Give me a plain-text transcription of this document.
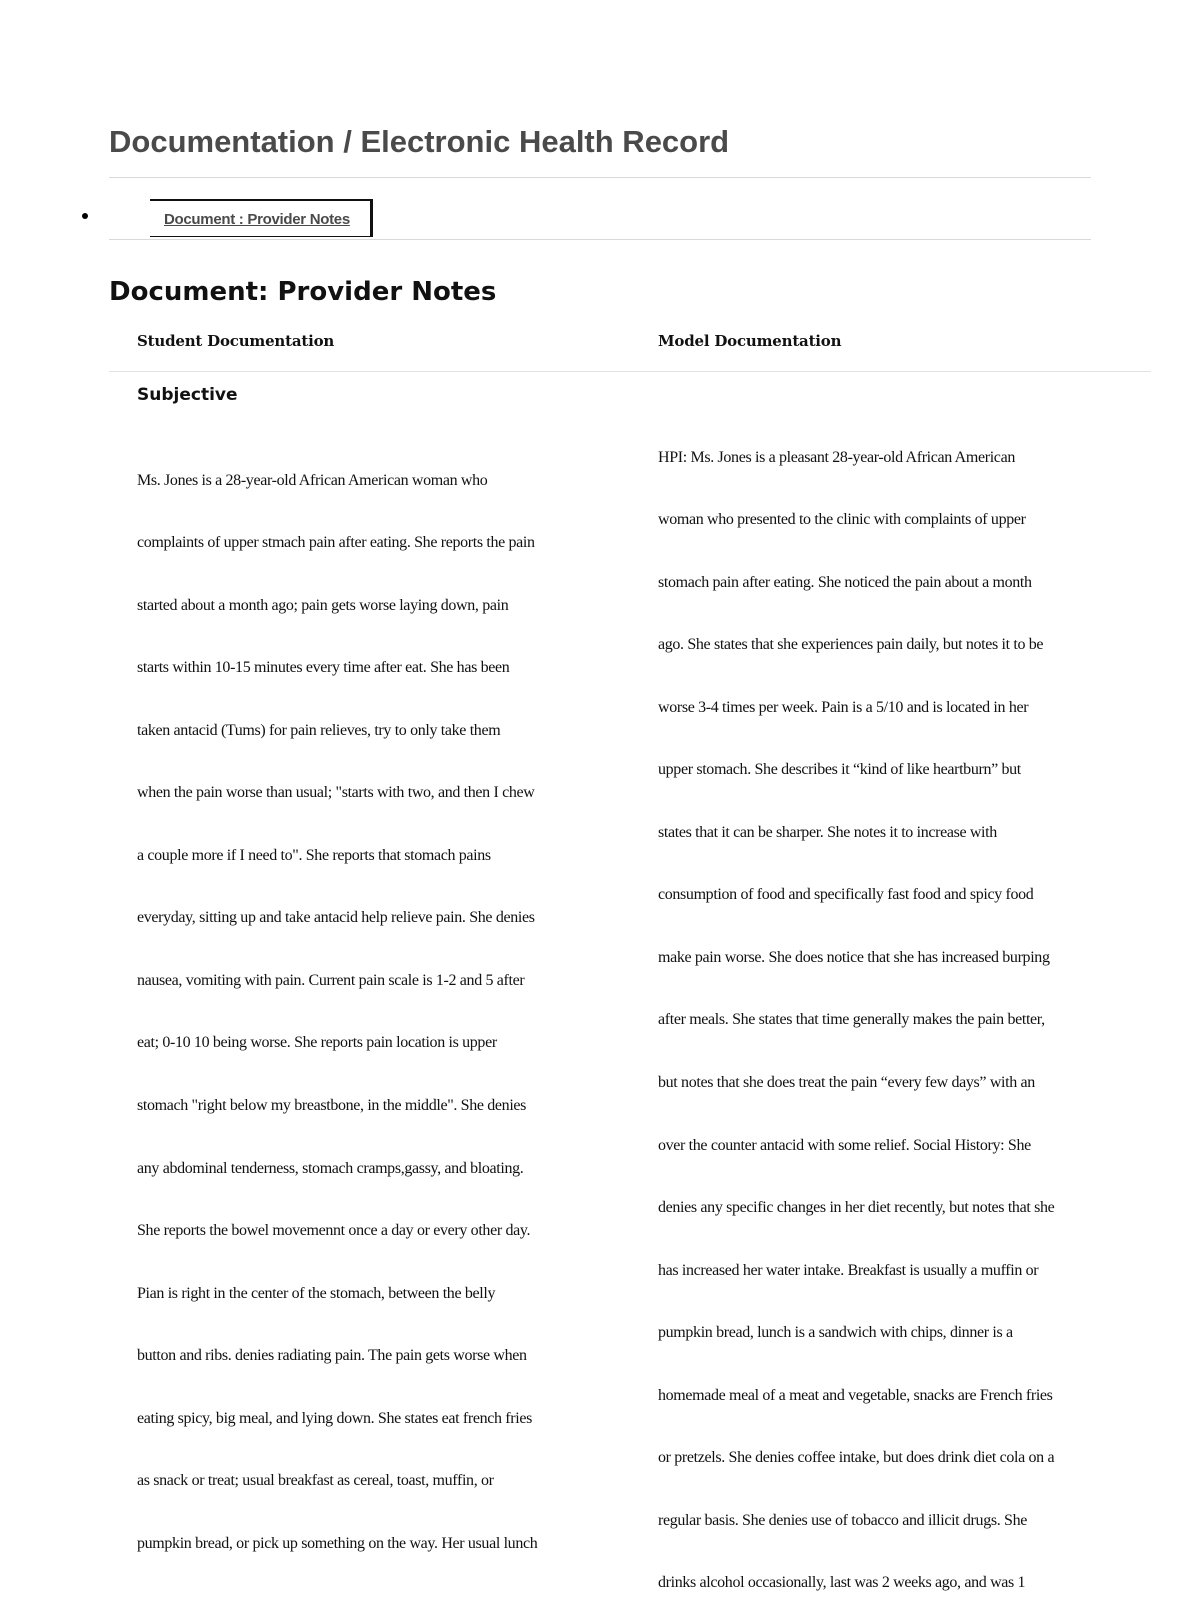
Documentation / Electronic Health Record
Document : Provider Notes
Document: Provider Notes
Student Documentation	Model Documentation
Subjective

Ms. Jones is a 28-year-old African American woman who

complaints of upper stmach pain after eating. She reports the pain

started about a month ago; pain gets worse laying down, pain

starts within 10-15 minutes every time after eat. She has been

taken antacid (Tums) for pain relieves, try to only take them

when the pain worse than usual; "starts with two, and then I chew

a couple more if I need to". She reports that stomach pains

everyday, sitting up and take antacid help relieve pain. She denies

nausea, vomiting with pain. Current pain scale is 1-2 and 5 after

eat; 0-10 10 being worse. She reports pain location is upper

stomach "right below my breastbone, in the middle". She denies

any abdominal tenderness, stomach cramps,gassy, and bloating.

She reports the bowel movemennt once a day or every other day.

Pian is right in the center of the stomach, between the belly

button and ribs. denies radiating pain. The pain gets worse when

eating spicy, big meal, and lying down. She states eat french fries

as snack or treat; usual breakfast as cereal, toast, muffin, or

pumpkin bread, or pick up something on the way. Her usual lunch

HPI: Ms. Jones is a pleasant 28-year-old African American

woman who presented to the clinic with complaints of upper

stomach pain after eating. She noticed the pain about a month

ago. She states that she experiences pain daily, but notes it to be

worse 3-4 times per week. Pain is a 5/10 and is located in her

upper stomach. She describes it “kind of like heartburn” but

states that it can be sharper. She notes it to increase with

consumption of food and specifically fast food and spicy food

make pain worse. She does notice that she has increased burping

after meals. She states that time generally makes the pain better,

but notes that she does treat the pain “every few days” with an

over the counter antacid with some relief. Social History: She

denies any specific changes in her diet recently, but notes that she

has increased her water intake. Breakfast is usually a muffin or

pumpkin bread, lunch is a sandwich with chips, dinner is a

homemade meal of a meat and vegetable, snacks are French fries

or pretzels. She denies coffee intake, but does drink diet cola on a

regular basis. She denies use of tobacco and illicit drugs. She

drinks alcohol occasionally, last was 2 weeks ago, and was 1
